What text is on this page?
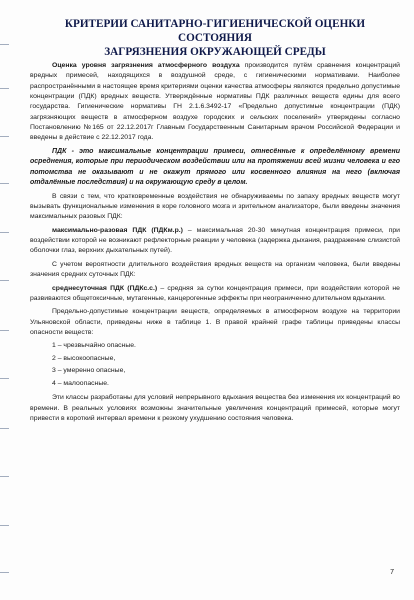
КРИТЕРИИ САНИТАРНО-ГИГИЕНИЧЕСКОЙ ОЦЕНКИ СОСТОЯНИЯ
ЗАГРЯЗНЕНИЯ ОКРУЖАЮЩЕЙ СРЕДЫ

Оценка уровня загрязнения атмосферного воздуха производится путём сравнения концентраций вредных примесей, находящихся в воздушной среде, с гигиеническими нормативами. Наиболее распространёнными в настоящее время критериями оценки качества атмосферы являются предельно допустимые концентрации (ПДК) вредных веществ. Утверждённые нормативы ПДК различных веществ едины для всего государства. Гигиенические нормативы ГН 2.1.6.3492-17 «Предельно допустимые концентрации (ПДК) загрязняющих веществ в атмосферном воздухе городских и сельских поселений» утверждены согласно Постановлению №165 от 22.12.2017г Главным Государственным Санитарным врачом Российской Федерации и введены в действие с 22.12.2017 года.

ПДК - это максимальные концентрации примеси, отнесённые к определённому времени осреднения, которые при периодическом воздействии или на протяжении всей жизни человека и его потомства не оказывают и не окажут прямого или косвенного влияния на него (включая отдалённые последствия) и на окружающую среду в целом.

В связи с тем, что кратковременные воздействия не обнаруживаемы по запаху вредных веществ могут вызывать функциональные изменения в коре головного мозга и зрительном анализаторе, были введены значения максимальных разовых ПДК:

максимально-разовая ПДК (ПДКм.р.) – максимальная 20-30 минутная концентрация примеси, при воздействии которой не возникают рефлекторные реакции у человека (задержка дыхания, раздражение слизистой оболочки глаз, верхних дыхательных путей).

С учетом вероятности длительного воздействия вредных веществ на организм человека, были введены значения средних суточных ПДК:

среднесуточная ПДК (ПДКс.с.) – средняя за сутки концентрация примеси, при воздействии которой не развиваются общетоксичные, мутагенные, канцерогенные эффекты при неограниченно длительном вдыхании.

Предельно-допустимые концентрации веществ, определяемых в атмосферном воздухе на территории Ульяновской области, приведены ниже в таблице 1. В правой крайней графе таблицы приведены классы опасности веществ:

1 – чрезвычайно опасные.

2 – высокоопасные,

3 – умеренно опасные,

4 – малоопасные.

Эти классы разработаны для условий непрерывного вдыхания вещества без изменения их концентраций во времени. В реальных условиях возможны значительные увеличения концентраций примесей, которые могут привести в короткий интервал времени к резкому ухудшению состояния человека.

7
